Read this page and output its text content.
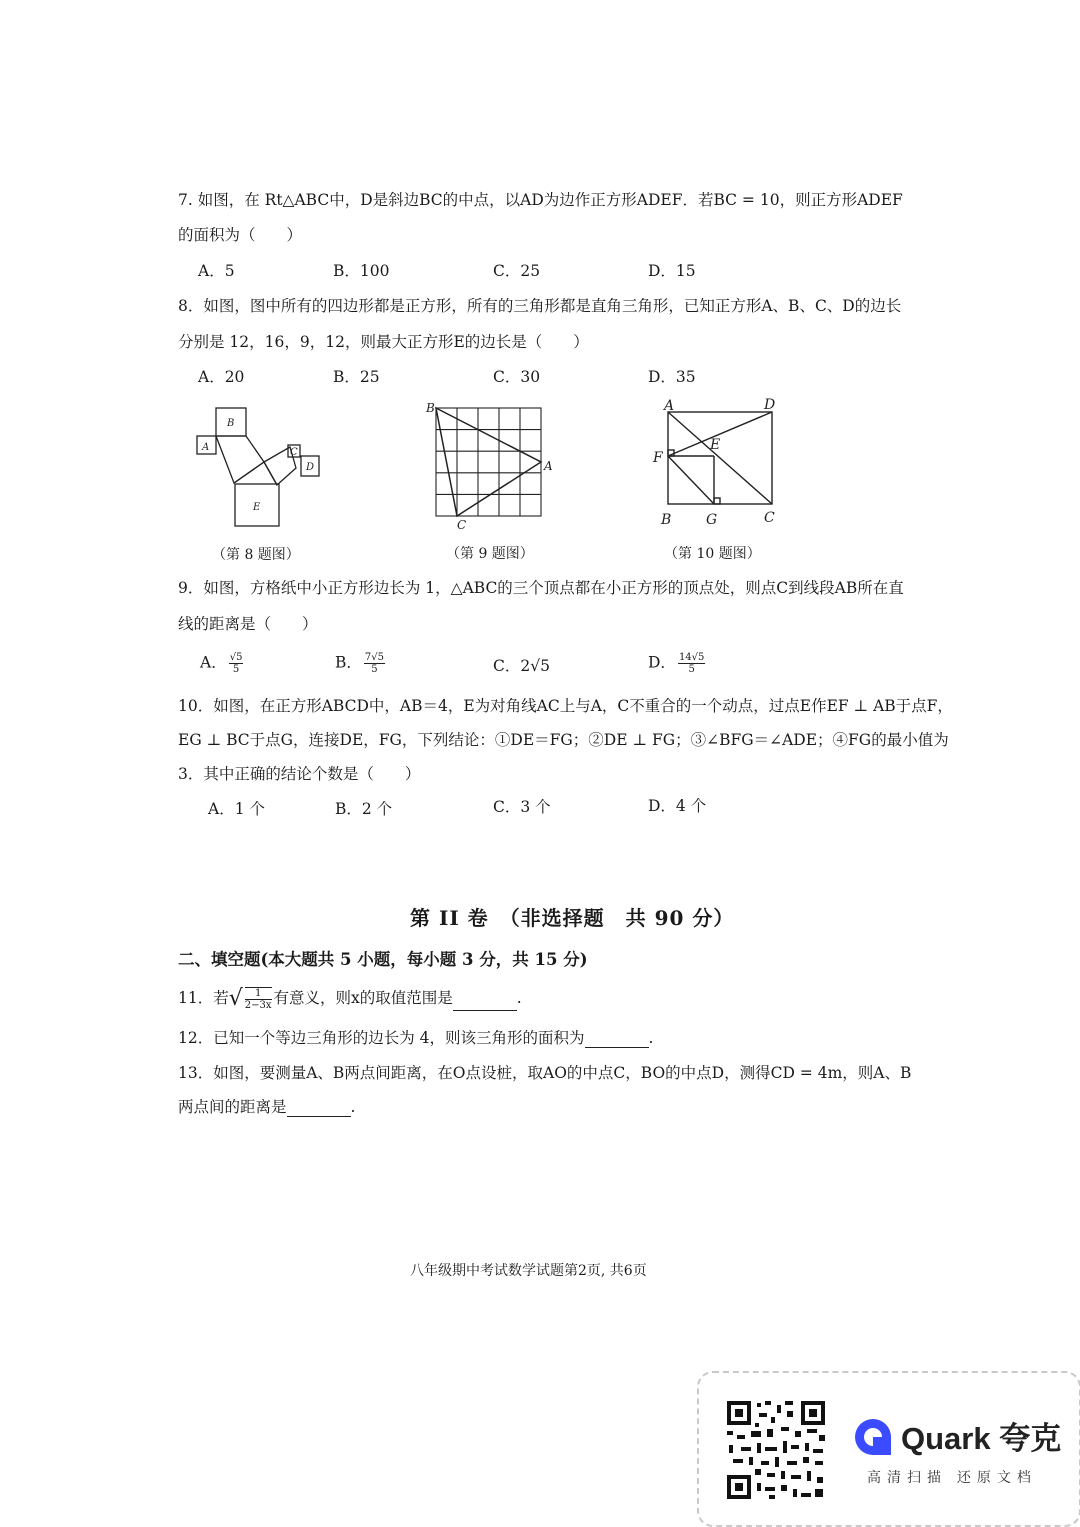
7. 如图，在 Rt△ABC中，D是斜边BC的中点，以AD为边作正方形ADEF．若BC = 10，则正方形ADEF
的面积为（　　）
A．5	B．100	C．25	D．15
8．如图，图中所有的四边形都是正方形，所有的三角形都是直角三角形，已知正方形A、B、C、D的边长
分别是 12，16，9，12，则最大正方形E的边长是（　　）
A．20	B．25	C．30	D．35
B
A	C
D
E
（第 8 题图）
B
A
C
（第 9 题图）
A	D
E
F
B G	C
（第 10 题图）
9．如图，方格纸中小正方形边长为 1，△ABC的三个顶点都在小正方形的顶点处，则点C到线段AB所在直
线的距离是（　　）
A． $\frac{√5}{5}$	B． $\frac{7√5}{5}$	C．2√5	D． $\frac{14√5}{5}$
10．如图，在正方形ABCD中，AB＝4，E为对角线AC上与A，C不重合的一个动点，过点E作EF ⊥ AB于点F，
EG ⊥ BC于点G，连接DE，FG，下列结论：①DE＝FG；②DE ⊥ FG；③∠BFG＝∠ADE；④FG的最小值为
3．其中正确的结论个数是（　　）
A．1 个	B．2 个	C．3 个	D．4 个
第 II 卷　（非选择题　共 90 分）
二、填空题(本大题共 5 小题，每小题 3 分，共 15 分)
11．若√ $\frac{1}{2-3x}$ 有意义，则x的取值范围是	.
12．已知一个等边三角形的边长为 4，则该三角形的面积为	.
13．如图，要测量A、B两点间距离，在O点设桩，取AO的中点C，BO的中点D，测得CD = 4m，则A、B
两点间的距离是	.
八年级期中考试数学试题第2页, 共6页
Quark 夸克
高清扫描 还原文档
